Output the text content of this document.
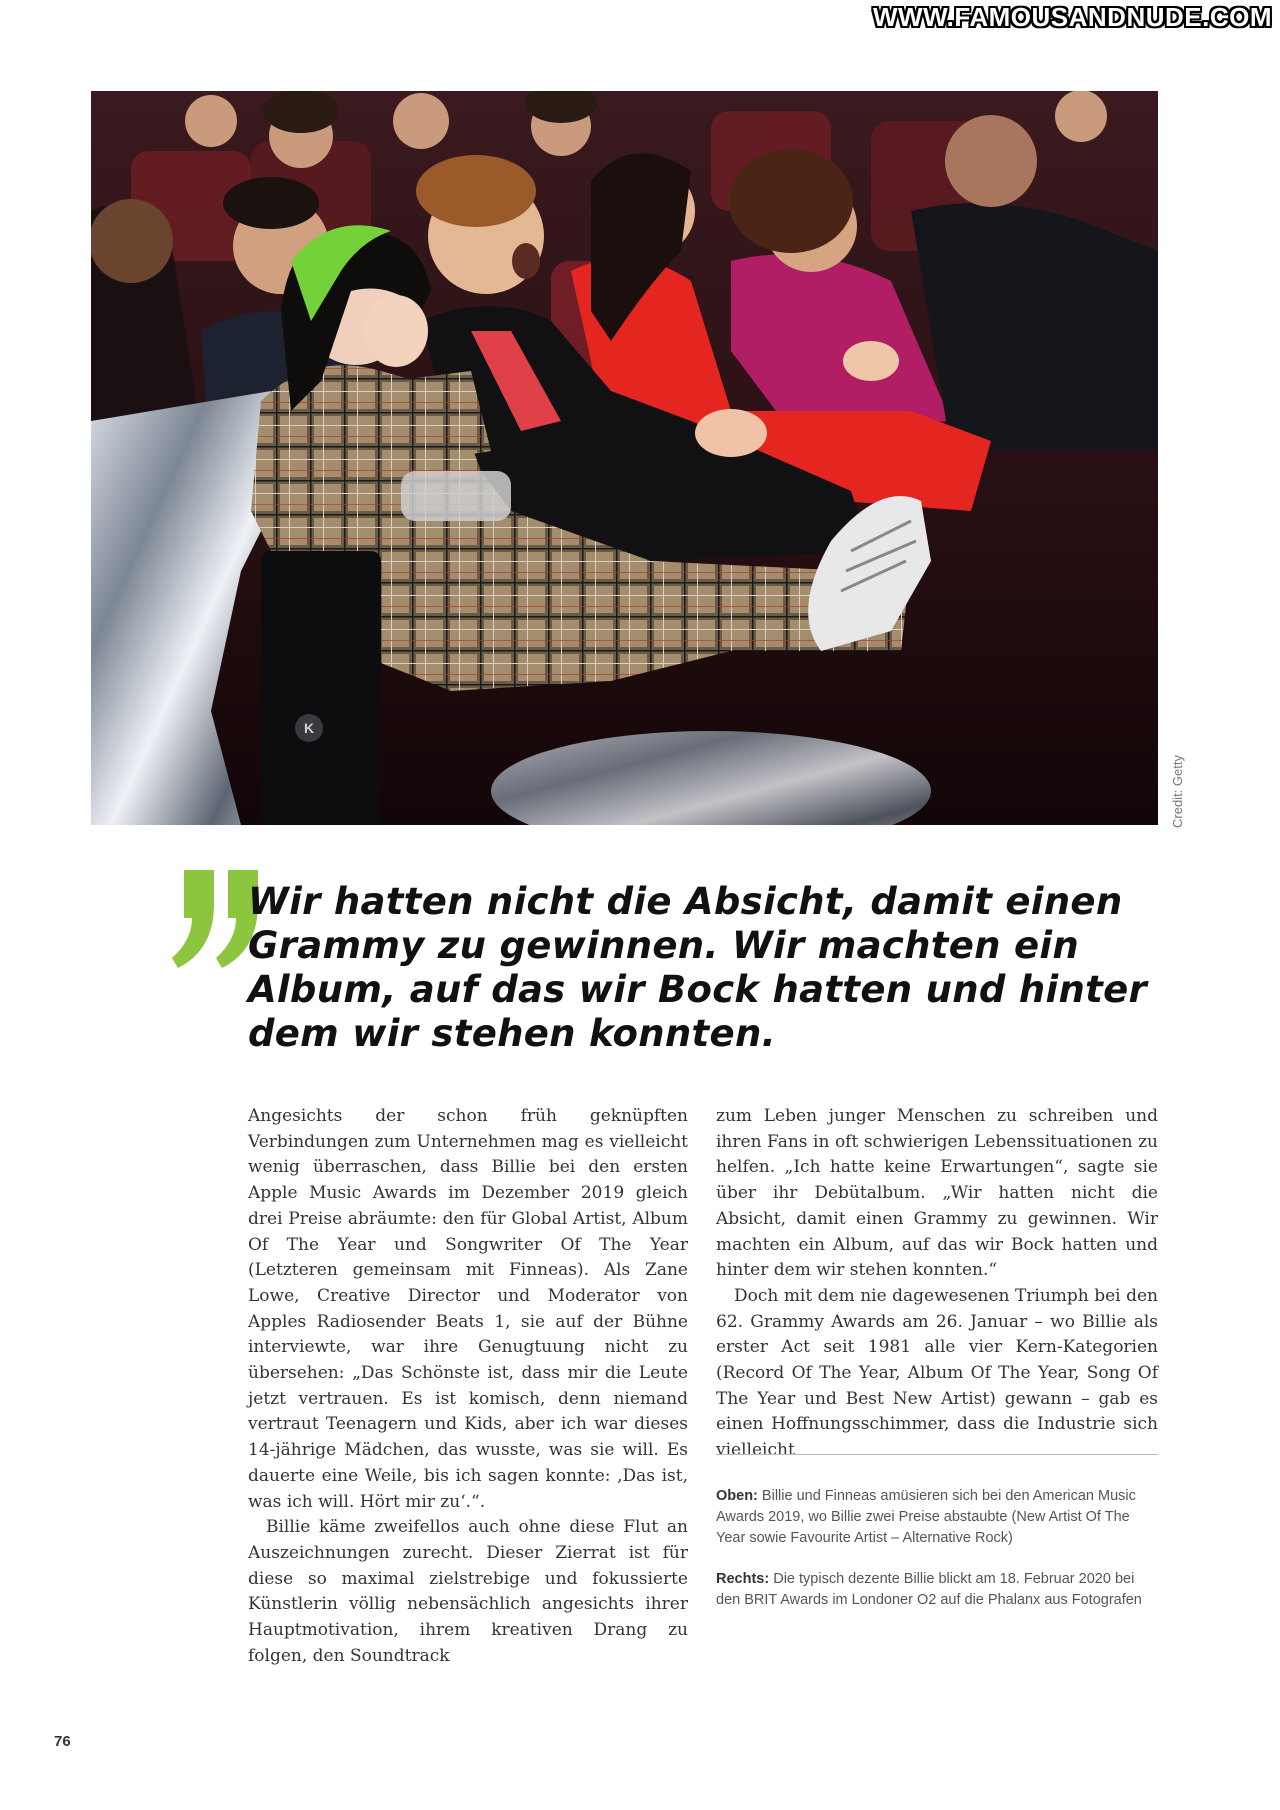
WWW.FAMOUSANDNUDE.COM
K
Credit: Getty

Wir hatten nicht die Absicht, damit einen Grammy zu gewinnen. Wir machten ein Album, auf das wir Bock hatten und hinter dem wir stehen konnten.

Angesichts der schon früh geknüpften Verbindungen zum Unternehmen mag es vielleicht wenig überraschen, dass Billie bei den ersten Apple Music Awards im Dezember 2019 gleich drei Preise abräumte: den für Global Artist, Album Of The Year und Songwriter Of The Year (Letzteren gemeinsam mit Finneas). Als Zane Lowe, Creative Director und Moderator von Apples Radiosender Beats 1, sie auf der Bühne interviewte, war ihre Genugtuung nicht zu übersehen: „Das Schönste ist, dass mir die Leute jetzt vertrauen. Es ist komisch, denn niemand vertraut Teenagern und Kids, aber ich war dieses 14-jährige Mädchen, das wusste, was sie will. Es dauerte eine Weile, bis ich sagen konnte: ‚Das ist, was ich will. Hört mir zu‘.“.

Billie käme zweifellos auch ohne diese Flut an Auszeichnungen zurecht. Dieser Zierrat ist für diese so maximal zielstrebige und fokussierte Künstlerin völlig nebensächlich angesichts ihrer Hauptmotivation, ihrem kreativen Drang zu folgen, den Soundtrack

zum Leben junger Menschen zu schreiben und ihren Fans in oft schwierigen Lebenssituationen zu helfen. „Ich hatte keine Erwartungen“, sagte sie über ihr Debütalbum. „Wir hatten nicht die Absicht, damit einen Grammy zu gewinnen. Wir machten ein Album, auf das wir Bock hatten und hinter dem wir stehen konnten.“

Doch mit dem nie dagewesenen Triumph bei den 62. Grammy Awards am 26. Januar – wo Billie als erster Act seit 1981 alle vier Kern-Kategorien (Record Of The Year, Album Of The Year, Song Of The Year und Best New Artist) gewann – gab es einen Hoffnungsschimmer, dass die Industrie sich vielleicht

Oben: Billie und Finneas amüsieren sich bei den American Music Awards 2019, wo Billie zwei Preise abstaubte (New Artist Of The Year sowie Favourite Artist – Alternative Rock)

Rechts: Die typisch dezente Billie blickt am 18. Februar 2020 bei den BRIT Awards im Londoner O2 auf die Phalanx aus Fotografen

76
